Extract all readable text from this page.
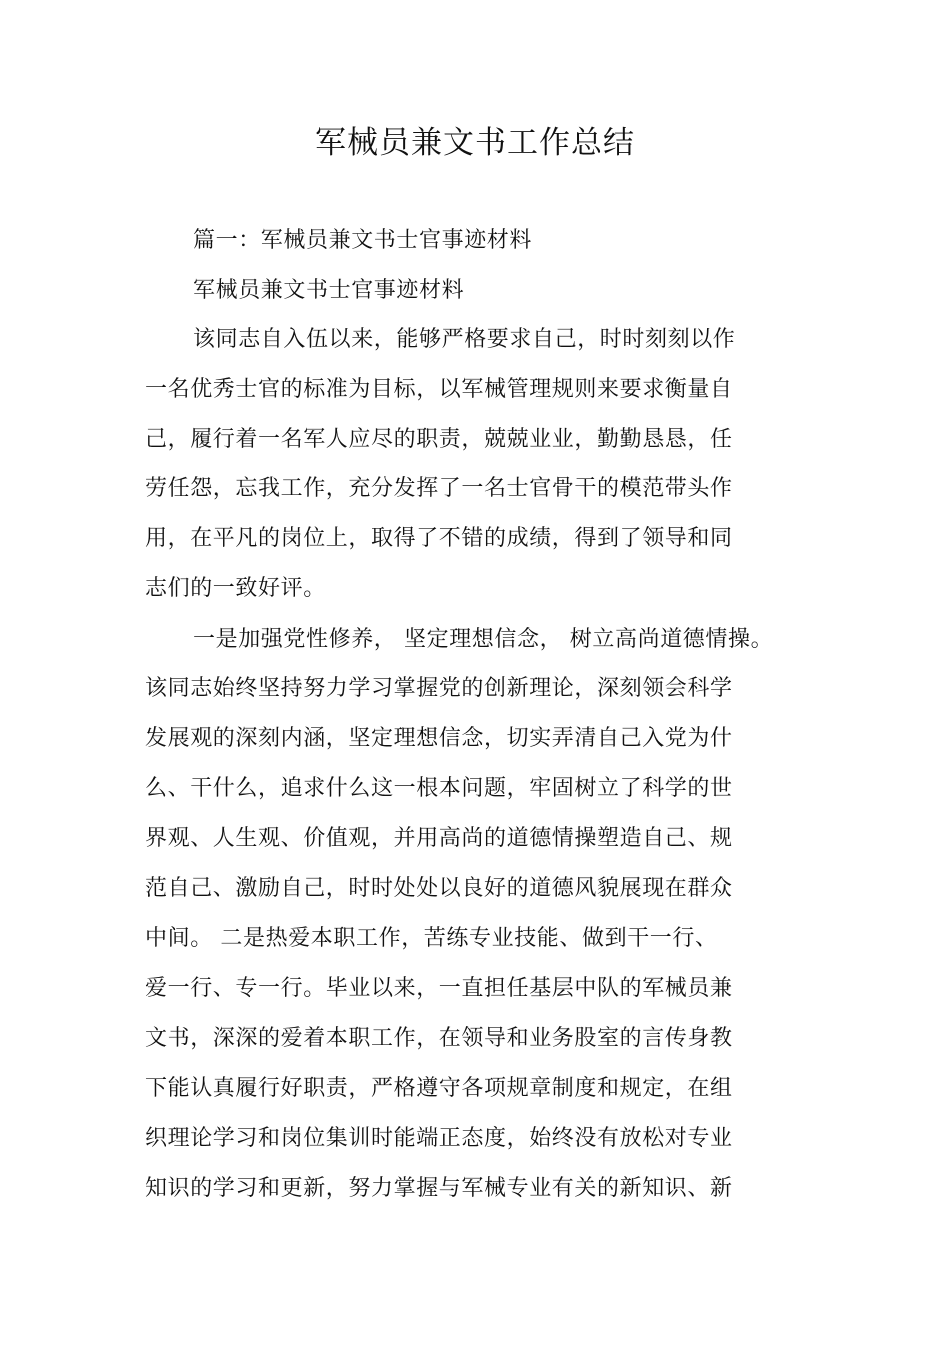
军械员兼文书工作总结
篇一：军械员兼文书士官事迹材料
军械员兼文书士官事迹材料
该同志自入伍以来，能够严格要求自己，时时刻刻以作
一名优秀士官的标准为目标，以军械管理规则来要求衡量自
己，履行着一名军人应尽的职责，兢兢业业，勤勤恳恳，任
劳任怨，忘我工作，充分发挥了一名士官骨干的模范带头作
用，在平凡的岗位上，取得了不错的成绩，得到了领导和同
志们的一致好评。
一是加强党性修养， 坚定理想信念， 树立高尚道德情操。
该同志始终坚持努力学习掌握党的创新理论，深刻领会科学
发展观的深刻内涵，坚定理想信念，切实弄清自己入党为什
么、干什么，追求什么这一根本问题，牢固树立了科学的世
界观、人生观、价值观，并用高尚的道德情操塑造自己、规
范自己、激励自己，时时处处以良好的道德风貌展现在群众
中间。 二是热爱本职工作，苦练专业技能、做到干一行、
爱一行、专一行。毕业以来，一直担任基层中队的军械员兼
文书，深深的爱着本职工作，在领导和业务股室的言传身教
下能认真履行好职责，严格遵守各项规章制度和规定，在组
织理论学习和岗位集训时能端正态度，始终没有放松对专业
知识的学习和更新，努力掌握与军械专业有关的新知识、新
